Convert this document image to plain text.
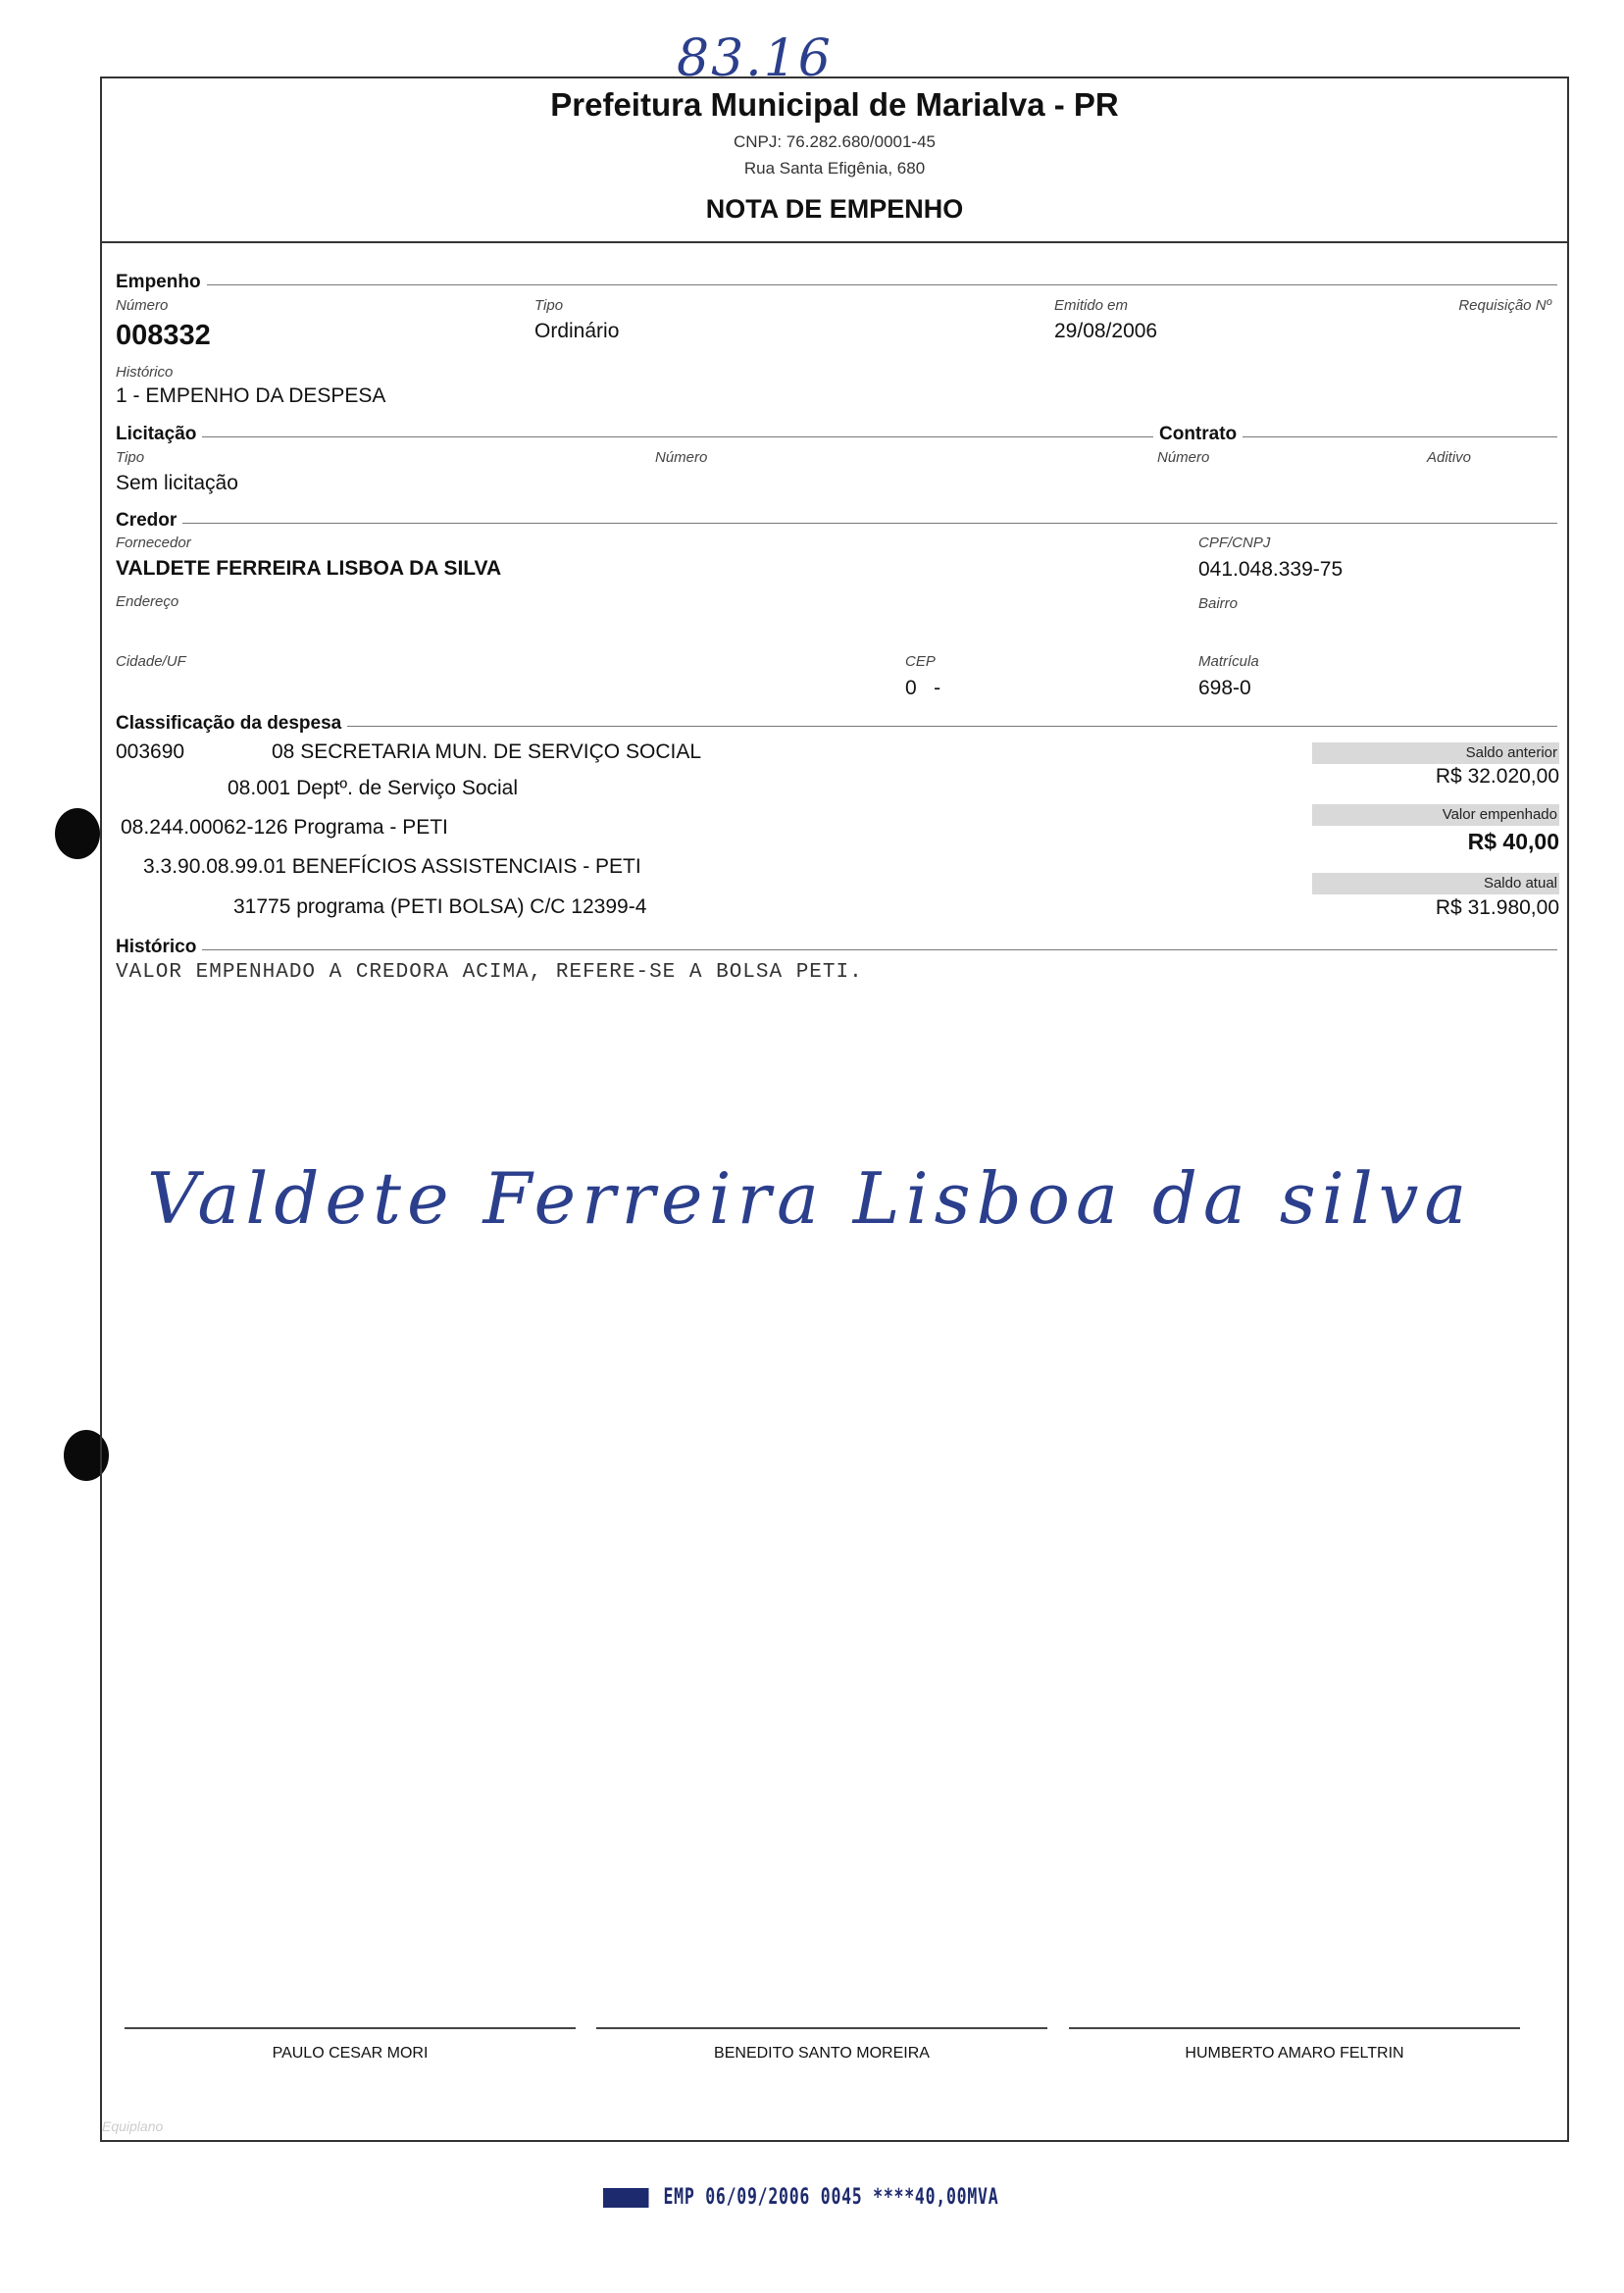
83.16
Prefeitura Municipal de Marialva - PR
CNPJ: 76.282.680/0001-45
Rua Santa Efigênia, 680
NOTA DE EMPENHO
Empenho
Número
008332
Tipo
Ordinário
Emitido em
29/08/2006
Requisição Nº
Histórico
1 - EMPENHO DA DESPESA
Licitação	Contrato
Tipo
Sem licitação
Número	Número	Aditivo
Credor
Fornecedor
VALDETE FERREIRA LISBOA DA SILVA
CPF/CNPJ
041.048.339-75
Endereço	Bairro
Cidade/UF	CEP
0   -
Matrícula
698-0
Classificação da despesa
003690	08 SECRETARIA MUN. DE SERVIÇO SOCIAL
08.001 Deptº. de Serviço Social
08.244.00062-126 Programa - PETI
3.3.90.08.99.01 BENEFÍCIOS ASSISTENCIAIS - PETI
31775 programa (PETI BOLSA) C/C 12399-4
Saldo anterior
R$ 32.020,00
Valor empenhado
R$ 40,00
Saldo atual
R$ 31.980,00
Histórico
VALOR EMPENHADO A CREDORA ACIMA, REFERE-SE A BOLSA PETI.
Valdete Ferreira Lisboa da silva
PAULO CESAR MORI	BENEDITO SANTO MOREIRA	HUMBERTO AMARO FELTRIN
Equiplano
EMP 06/09/2006 0045 ****40,00MVA
